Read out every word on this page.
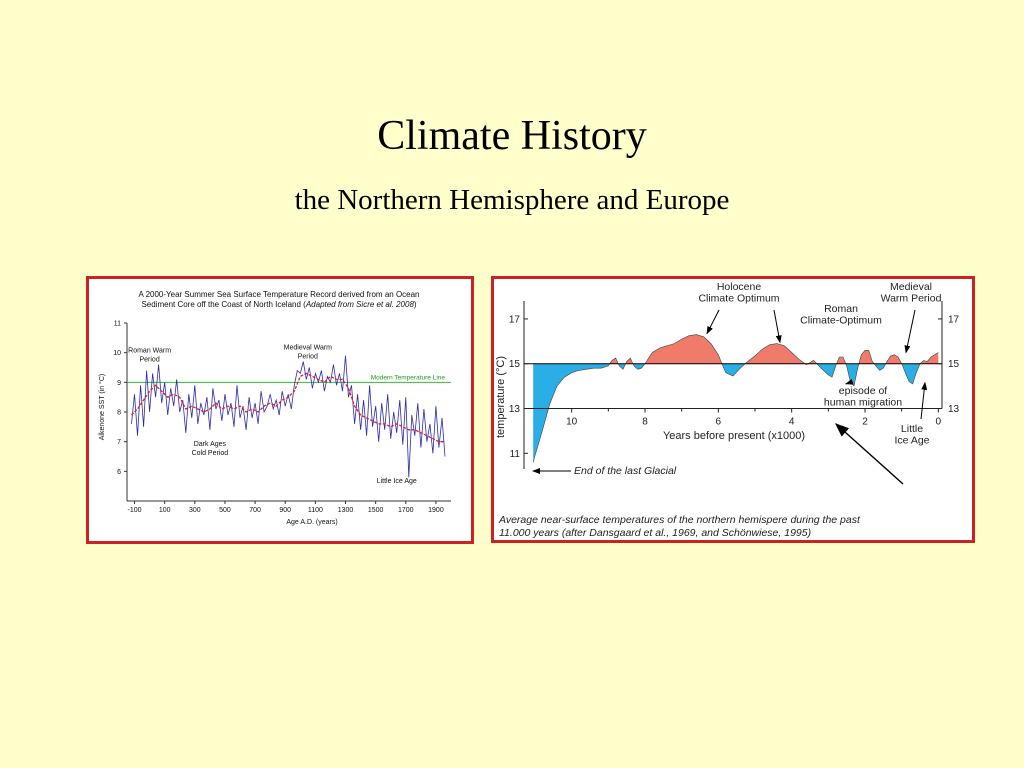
Climate History
the Northern Hemisphere and Europe
A 2000-Year Summer Sea Surface Temperature Record derived from an Ocean
Sediment Core off the Coast of North Iceland (Adapted from Sicre et al. 2008)
Modern Temperature Line
6
7
8
9
10
11
-100 100	300	500	700	900 1100 1300 1500 1700 1900
Roman Warm Period
Medieval Warm Period
Dark Ages Cold Period
Little Ice Age
Age A.D. (years)
Alkenone SST (in °C)
11
13
15
17
13
15
17
10	8	6	4	2	0
Holocene Climate Optimum
Roman Climate-Optimum
Medieval Warm Period
episode of human migration
Little Ice Age
End of the last Glacial
Years before present (x1000)
temperature (°C)
Average near-surface temperatures of the northern hemispere during the past
11.000 years (after Dansgaard et al., 1969, and Schönwiese, 1995)
